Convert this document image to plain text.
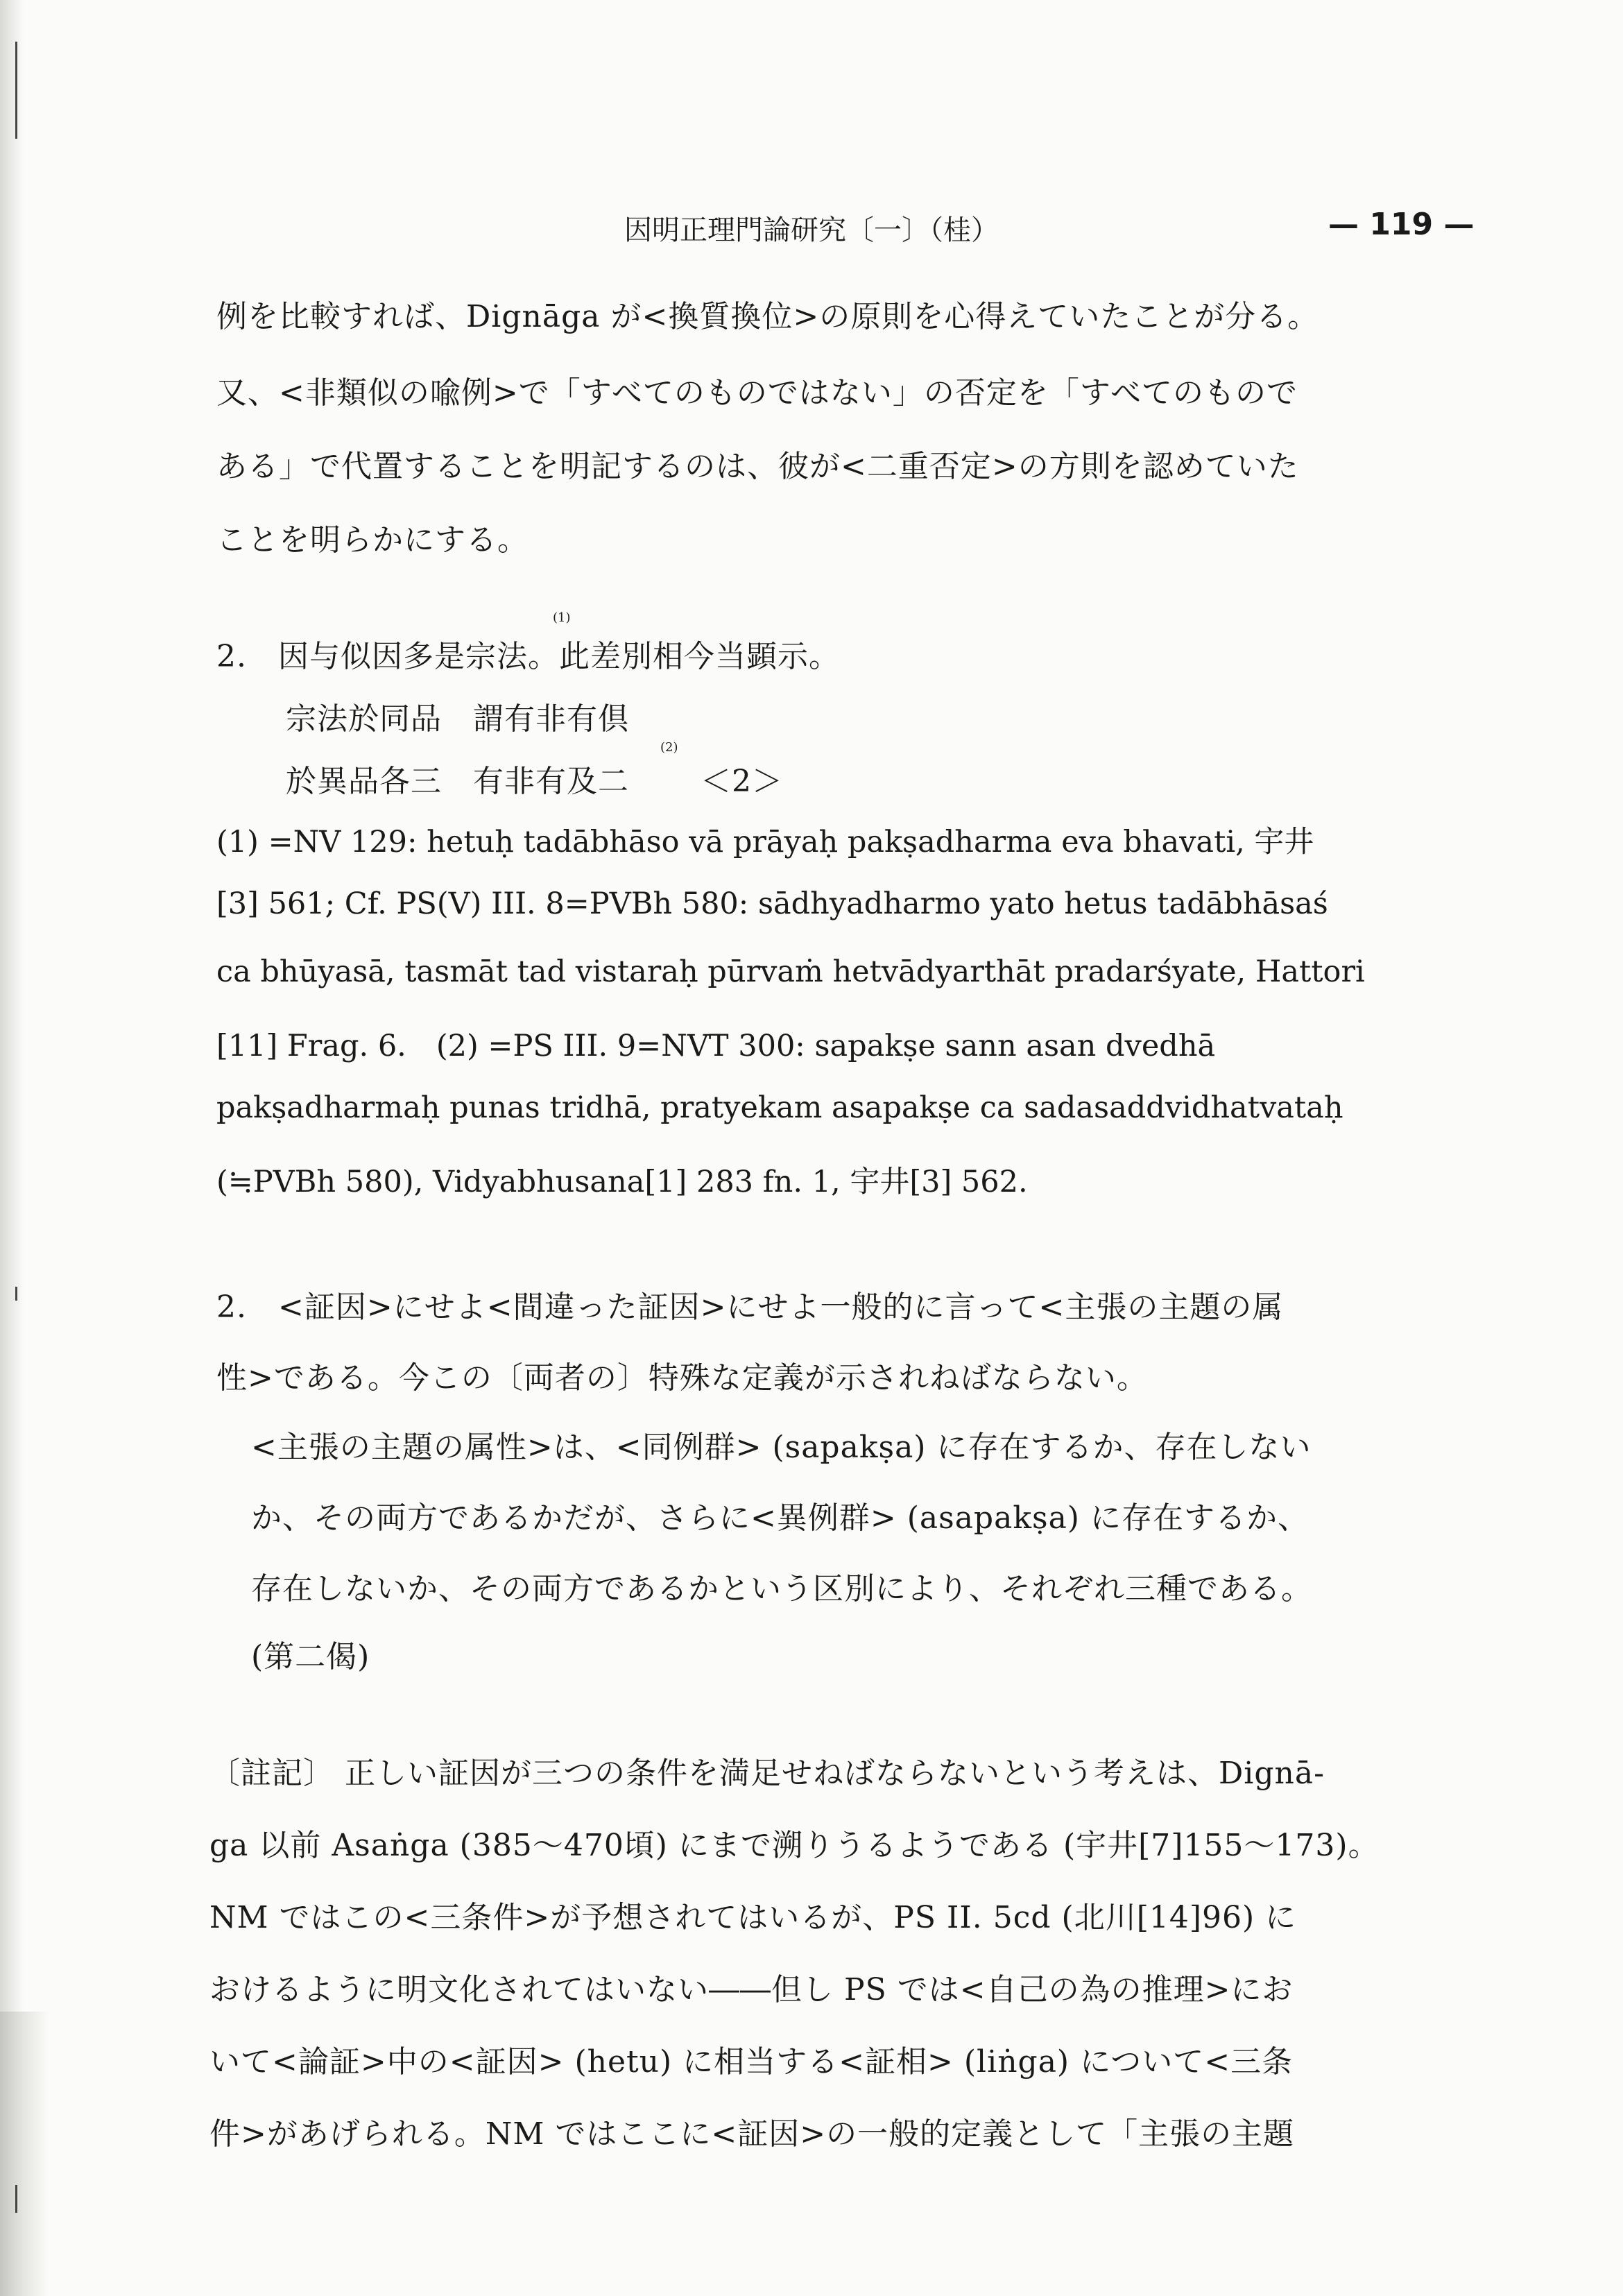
因明正理門論研究〔一〕（桂）	— 119 —
例を比較すれば、Dignāga が<換質換位>の原則を心得えていたことが分る。
又、<非類似の喩例>で「すべてのものではない」の否定を「すべてのもので
ある」で代置することを明記するのは、彼が<二重否定>の方則を認めていた
ことを明らかにする。
2.　因与似因多是宗法。此差別相今当顕示。
(1)
宗法於同品　謂有非有倶
於異品各三　有非有及二
(2)
＜2＞
(1) =NV 129: hetuḥ tadābhāso vā prāyaḥ pakṣadharma eva bhavati, 宇井
[3] 561; Cf. PS(V) III. 8=PVBh 580: sādhyadharmo yato hetus tadābhāsaś
ca bhūyasā, tasmāt tad vistaraḥ pūrvaṁ hetvādyarthāt pradarśyate, Hattori
[11] Frag. 6.　(2) =PS III. 9=NVT 300: sapakṣe sann asan dvedhā
pakṣadharmaḥ punas tridhā, pratyekam asapakṣe ca sadasaddvidhatvataḥ
(≒PVBh 580), Vidyabhusana[1] 283 fn. 1, 宇井[3] 562.
2.　<証因>にせよ<間違った証因>にせよ一般的に言って<主張の主題の属
性>である。今この〔両者の〕特殊な定義が示されねばならない。
<主張の主題の属性>は、<同例群> (sapakṣa) に存在するか、存在しない
か、その両方であるかだが、さらに<異例群> (asapakṣa) に存在するか、
存在しないか、その両方であるかという区別により、それぞれ三種である。
(第二偈)
〔註記〕 正しい証因が三つの条件を満足せねばならないという考えは、Dignā-
ga 以前 Asaṅga (385～470頃) にまで溯りうるようである (宇井[7]155～173)。
NM ではこの<三条件>が予想されてはいるが、PS II. 5cd (北川[14]96) に
おけるように明文化されてはいない――但し PS では<自己の為の推理>にお
いて<論証>中の<証因> (hetu) に相当する<証相> (liṅga) について<三条
件>があげられる。NM ではここに<証因>の一般的定義として「主張の主題
